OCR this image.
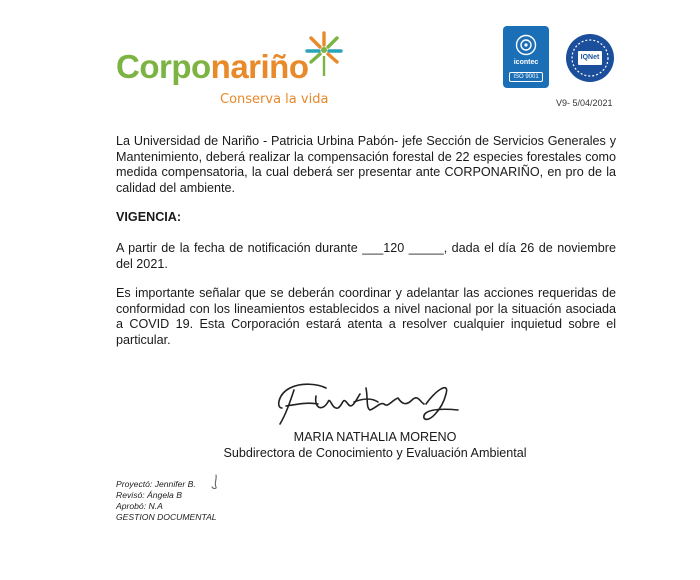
Corponariño
Conserva la vida
icontec
ISO 9001
IQNet
V9- 5/04/2021
La Universidad de Nariño - Patricia Urbina Pabón- jefe Sección de Servicios Generales y Mantenimiento, deberá realizar la compensación forestal de 22 especies forestales como medida compensatoria, la cual deberá ser presentar ante CORPONARIÑO, en pro de la calidad del ambiente.
VIGENCIA:
A partir de la fecha de notificación durante ___120 _____, dada el día 26 de noviembre del 2021.
Es importante señalar que se deberán coordinar y adelantar las acciones requeridas de conformidad con los lineamientos establecidos a nivel nacional por la situación asociada a COVID 19. Esta Corporación estará atenta a resolver cualquier inquietud sobre el particular.
MARIA NATHALIA MORENO
Subdirectora de Conocimiento y Evaluación Ambiental
Proyectó: Jennifer B.
Revisó: Ángela B
Aprobó: N.A
GESTION DOCUMENTAL
